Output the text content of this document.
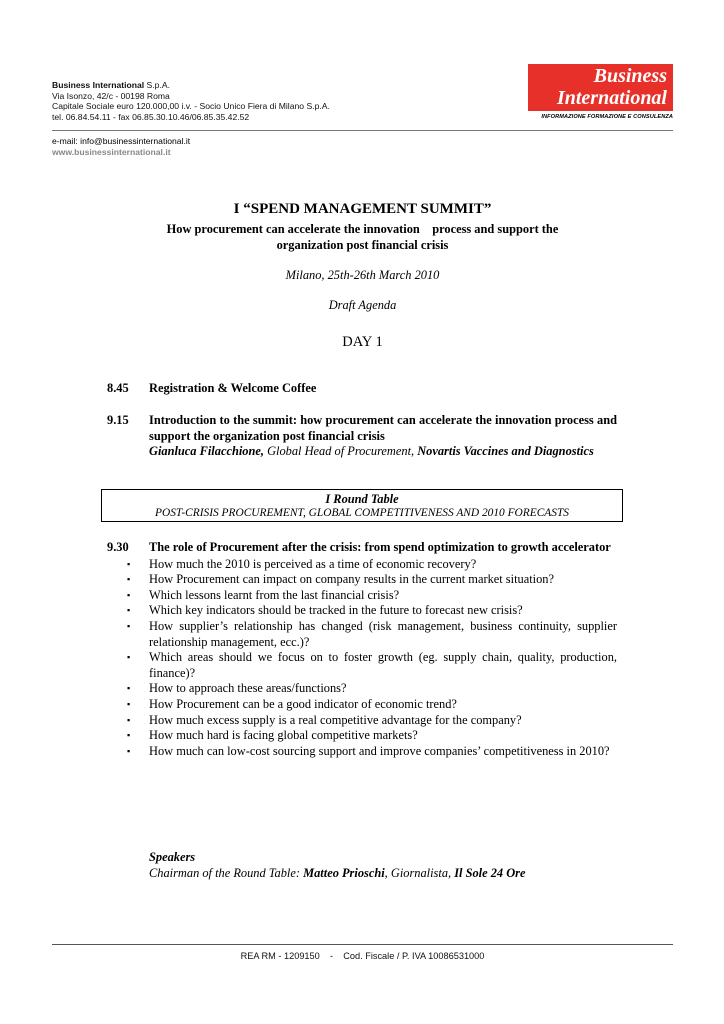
Business International S.p.A.
Via Isonzo, 42/c - 00198 Roma
Capitale Sociale euro 120.000,00 i.v. - Socio Unico Fiera di Milano S.p.A.
tel. 06.84.54.11 - fax 06.85.30.10.46/06.85.35.42.52
e-mail: info@businessinternational.it
www.businessinternational.it
Business
International
INFORMAZIONE FORMAZIONE E CONSULENZA
I “SPEND MANAGEMENT SUMMIT”
How procurement can accelerate the innovation    process and support the
organization post financial crisis
Milano, 25th-26th March 2010
Draft Agenda
DAY 1
8.45 Registration & Welcome Coffee
9.15 Introduction to the summit: how procurement can accelerate the innovation process and support the organization post financial crisis
Gianluca Filacchione, Global Head of Procurement, Novartis Vaccines and Diagnostics
I Round Table
POST-CRISIS PROCUREMENT, GLOBAL COMPETITIVENESS AND 2010 FORECASTS
9.30 The role of Procurement after the crisis: from spend optimization to growth accelerator
▪ How much the 2010 is perceived as a time of economic recovery?
▪ How Procurement can impact on company results in the current market situation?
▪ Which lessons learnt from the last financial crisis?
▪ Which key indicators should be tracked in the future to forecast new crisis?
▪ How supplier’s relationship has changed (risk management, business continuity, supplier relationship management, ecc.)?
▪ Which areas should we focus on to foster growth (eg. supply chain, quality, production, finance)?
▪ How to approach these areas/functions?
▪ How Procurement can be a good indicator of economic trend?
▪ How much excess supply is a real competitive advantage for the company?
▪ How much hard is facing global competitive markets?
▪ How much can low-cost sourcing support and improve companies’ competitiveness in 2010?
Speakers
Chairman of the Round Table: Matteo Prioschi, Giornalista, Il Sole 24 Ore
REA RM - 1209150    -    Cod. Fiscale / P. IVA 10086531000
